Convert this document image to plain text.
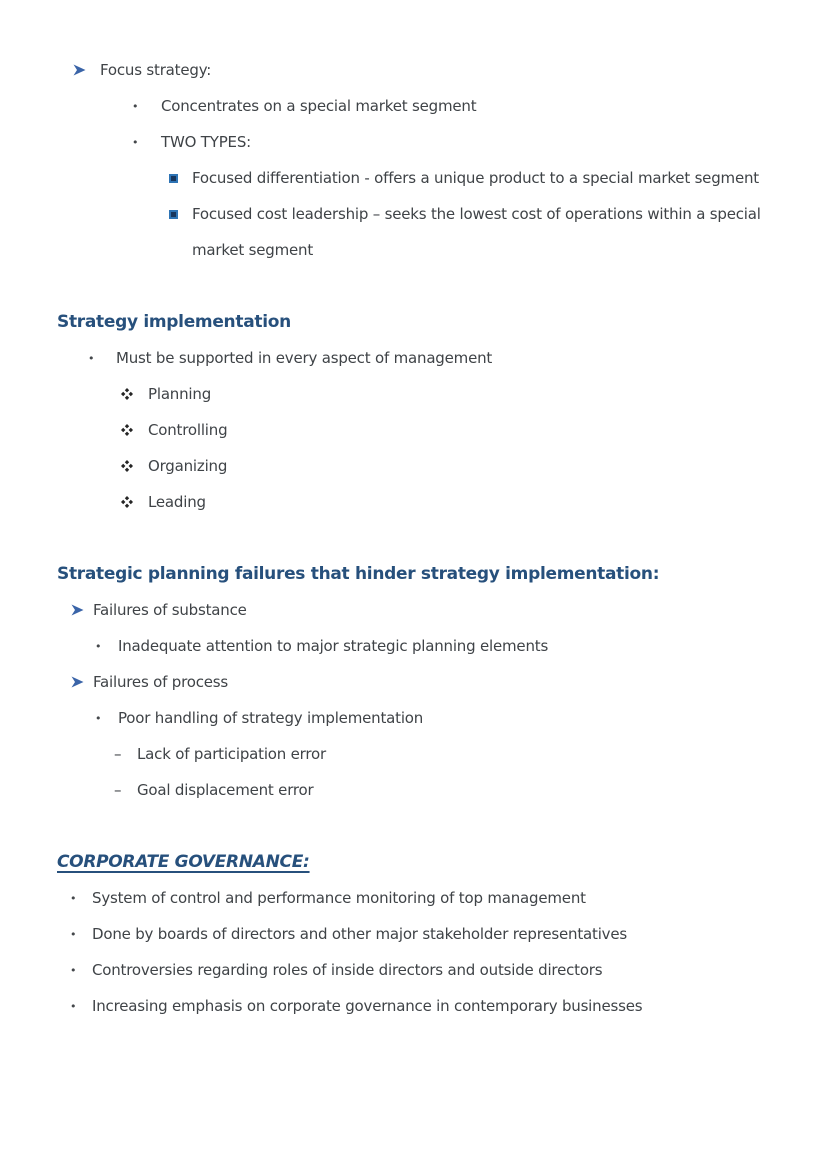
Focus strategy:
•	Concentrates on a special market segment
•	TWO TYPES:
Focused differentiation - offers a unique product to a special market segment
Focused cost leadership – seeks the lowest cost of operations within a special market segment
Strategy implementation
•	Must be supported in every aspect of management
Planning
Controlling
Organizing
Leading
Strategic planning failures that hinder strategy implementation:
Failures of substance
•	Inadequate attention to major strategic planning elements
Failures of process
•	Poor handling of strategy implementation
–	Lack of participation error
–	Goal displacement error
CORPORATE GOVERNANCE:
•	System of control and performance monitoring of top management
•	Done by boards of directors and other major stakeholder representatives
•	Controversies regarding roles of inside directors and outside directors
•	Increasing emphasis on corporate governance in contemporary businesses
